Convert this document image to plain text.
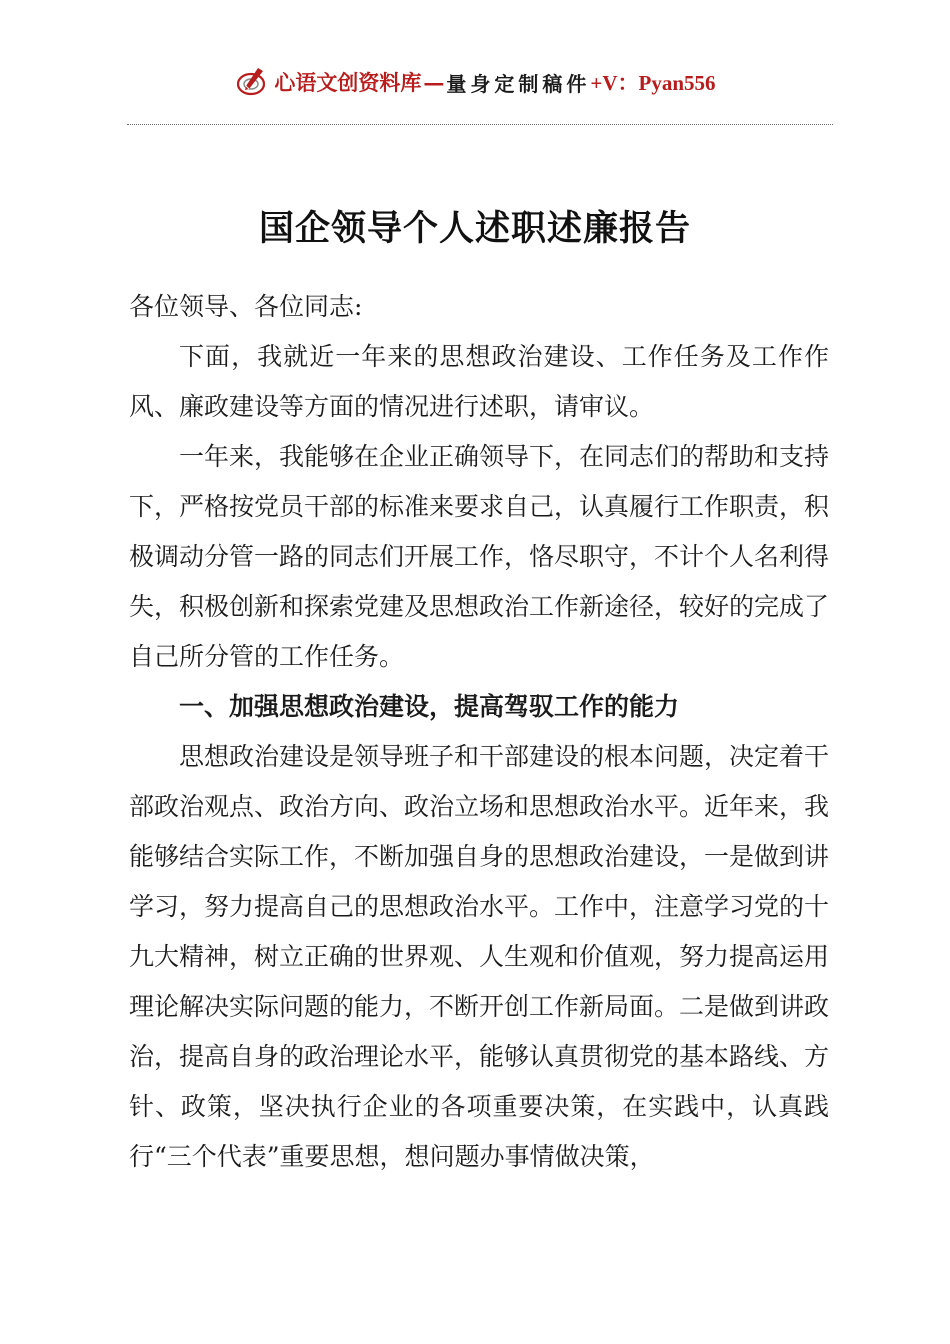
心语文创资料库 — 量身定制稿件 +V：Pyan556
国企领导个人述职述廉报告

各位领导、各位同志:

下面，我就近一年来的思想政治建设、工作任务及工作作风、廉政建设等方面的情况进行述职，请审议。

一年来，我能够在企业正确领导下，在同志们的帮助和支持下，严格按党员干部的标准来要求自己，认真履行工作职责，积极调动分管一路的同志们开展工作，恪尽职守，不计个人名利得失，积极创新和探索党建及思想政治工作新途径，较好的完成了自己所分管的工作任务。

一、加强思想政治建设，提高驾驭工作的能力

思想政治建设是领导班子和干部建设的根本问题，决定着干部政治观点、政治方向、政治立场和思想政治水平。近年来，我能够结合实际工作，不断加强自身的思想政治建设，一是做到讲学习，努力提高自己的思想政治水平。工作中，注意学习党的十九大精神，树立正确的世界观、人生观和价值观，努力提高运用理论解决实际问题的能力，不断开创工作新局面。二是做到讲政治，提高自身的政治理论水平，能够认真贯彻党的基本路线、方针、政策，坚决执行企业的各项重要决策，在实践中，认真践行“三个代表”重要思想，想问题办事情做决策，
